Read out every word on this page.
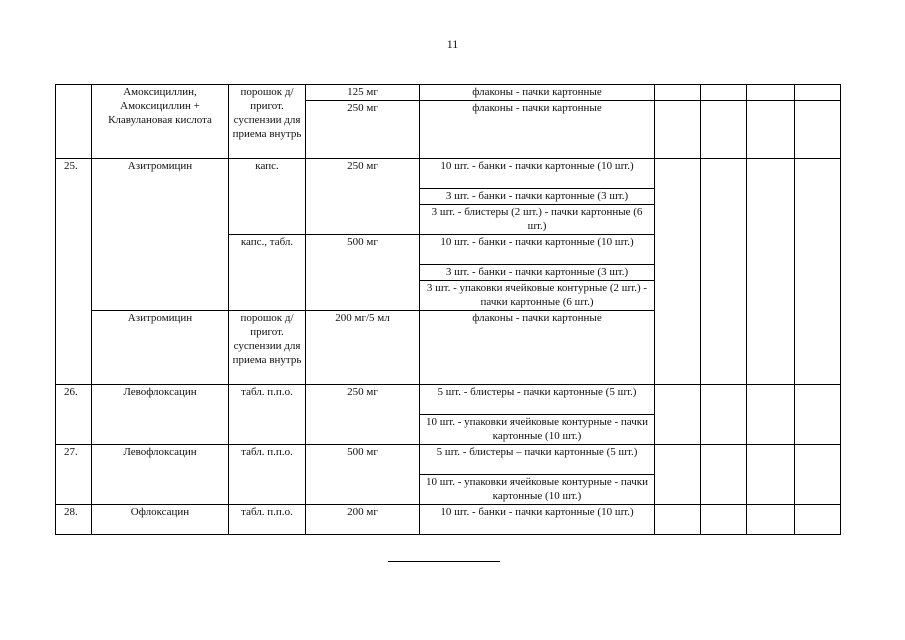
11
	Амоксициллин, Амоксициллин + Клавулановая кислота	порошок д/пригот. суспензии для приема внутрь	125 мг	флаконы - пачки картонные				
			250 мг	флаконы - пачки картонные				
25.	Азитромицин	капс.	250 мг	10 шт. - банки - пачки картонные (10 шт.)				
				3 шт. - банки - пачки картонные (3 шт.)				
				3 шт. - блистеры (2 шт.) - пачки картонные (6 шт.)				
		капс., табл.	500 мг	10 шт. - банки - пачки картонные (10 шт.)				
				3 шт. - банки - пачки картонные (3 шт.)				
				3 шт. - упаковки ячейковые контурные (2 шт.) - пачки картонные (6 шт.)				
	Азитромицин	порошок д/пригот. суспензии для приема внутрь	200 мг/5 мл	флаконы - пачки картонные				
26.	Левофлоксацин	табл. п.п.о.	250 мг	5 шт. - блистеры - пачки картонные (5 шт.)				
				10 шт. - упаковки ячейковые контурные - пачки картонные (10 шт.)				
27.	Левофлоксацин	табл. п.п.о.	500 мг	5 шт. - блистеры – пачки картонные (5 шт.)				
				10 шт. - упаковки ячейковые контурные - пачки картонные (10 шт.)				
28.	Офлоксацин	табл. п.п.о.	200 мг	10 шт. - банки - пачки картонные (10 шт.)				
